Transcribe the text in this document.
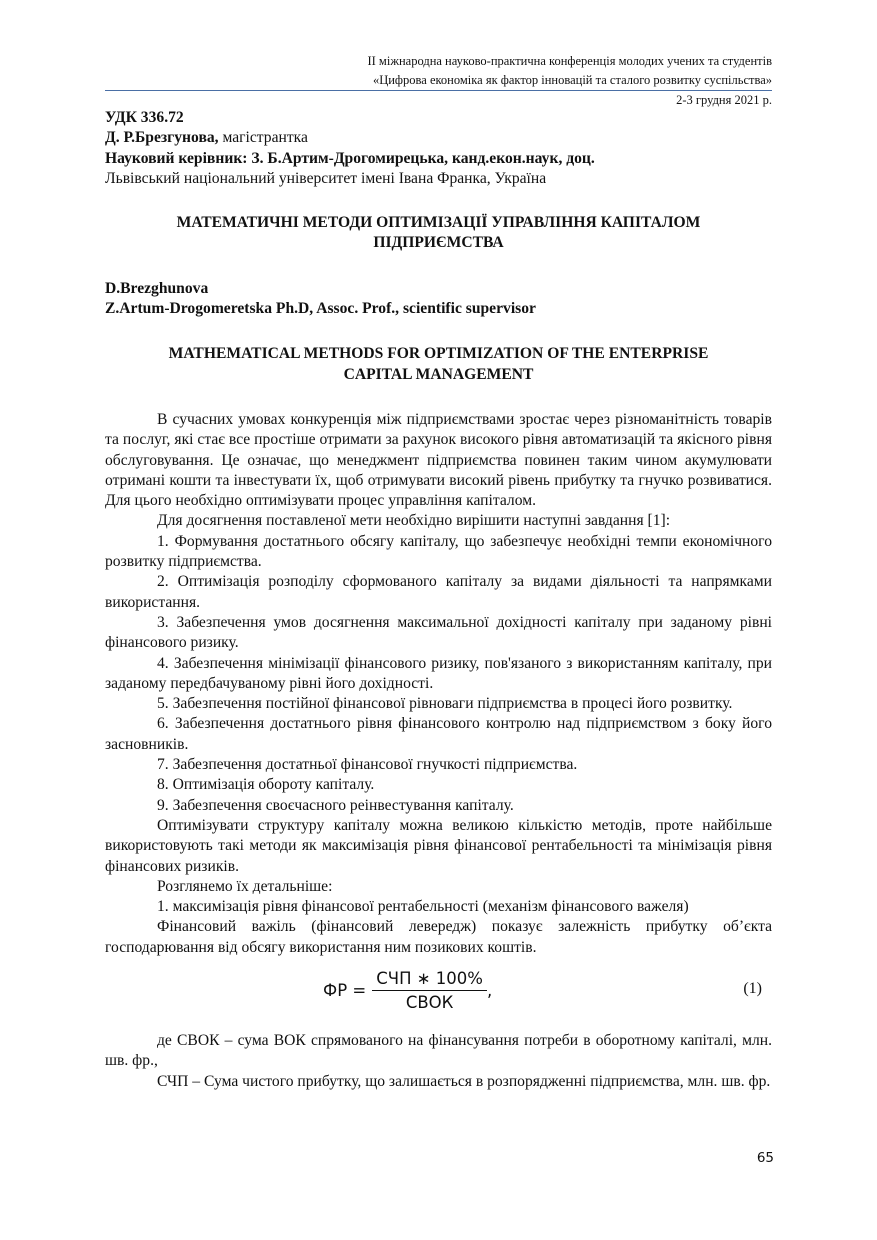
II міжнародна науково-практична конференція молодих учених та студентів
«Цифрова економіка як фактор інновацій та сталого розвитку суспільства»
2-3 грудня 2021 р.

УДК 336.72

Д. Р.Брезгунова, магістрантка

Науковий керівник: З. Б.Артим-Дрогомирецька, канд.екон.наук, доц.

Львівський національний університет імені Івана Франка, Україна

МАТЕМАТИЧНІ МЕТОДИ ОПТИМІЗАЦІЇ УПРАВЛІННЯ КАПІТАЛОМ

ПІДПРИЄМСТВА

D.Brezghunova

Z.Artum-Drogomeretska Ph.D, Assoc. Prof., scientific supervisor

MATHEMATICAL METHODS FOR OPTIMIZATION OF THE ENTERPRISE

CAPITAL MANAGEMENT

В сучасних умовах конкуренція між підприємствами зростає через різноманітність товарів та послуг, які стає все простіше отримати за рахунок високого рівня автоматизацій та якісного рівня обслуговування. Це означає, що менеджмент підприємства повинен таким чином акумулювати отримані кошти та інвестувати їх, щоб отримувати високий рівень прибутку та гнучко розвиватися. Для цього необхідно оптимізувати процес управління капіталом.

Для досягнення поставленої мети необхідно вирішити наступні завдання [1]:

1. Формування достатнього обсягу капіталу, що забезпечує необхідні темпи економічного розвитку підприємства.

2. Оптимізація розподілу сформованого капіталу за видами діяльності та напрямками використання.

3. Забезпечення умов досягнення максимальної дохідності капіталу при заданому рівні фінансового ризику.

4. Забезпечення мінімізації фінансового ризику, пов'язаного з використанням капіталу, при заданому передбачуваному рівні його дохідності.

5. Забезпечення постійної фінансової рівноваги підприємства в процесі його розвитку.

6. Забезпечення достатнього рівня фінансового контролю над підприємством з боку його засновників.

7. Забезпечення достатньої фінансової гнучкості підприємства.

8. Оптимізація обороту капіталу.

9. Забезпечення своєчасного реінвестування капіталу.

Оптимізувати структуру капіталу можна великою кількістю методів, проте найбільше використовують такі методи як максимізація рівня фінансової рентабельності та мінімізація рівня фінансових ризиків.

Розглянемо їх детальніше:

1. максимізація рівня фінансової рентабельності (механізм фінансового важеля)

Фінансовий важіль (фінансовий левередж) показує залежність прибутку об’єкта господарювання від обсягу використання ним позикових коштів.

ФР = $\frac{\text{СЧП ∗ 100\%}}{\text{СВОК}}$ ,	(1)

де СВОК – сума ВОК спрямованого на фінансування потреби в оборотному капіталі, млн. шв. фр.,

СЧП – Сума чистого прибутку, що залишається в розпорядженні підприємства, млн. шв. фр.

65
